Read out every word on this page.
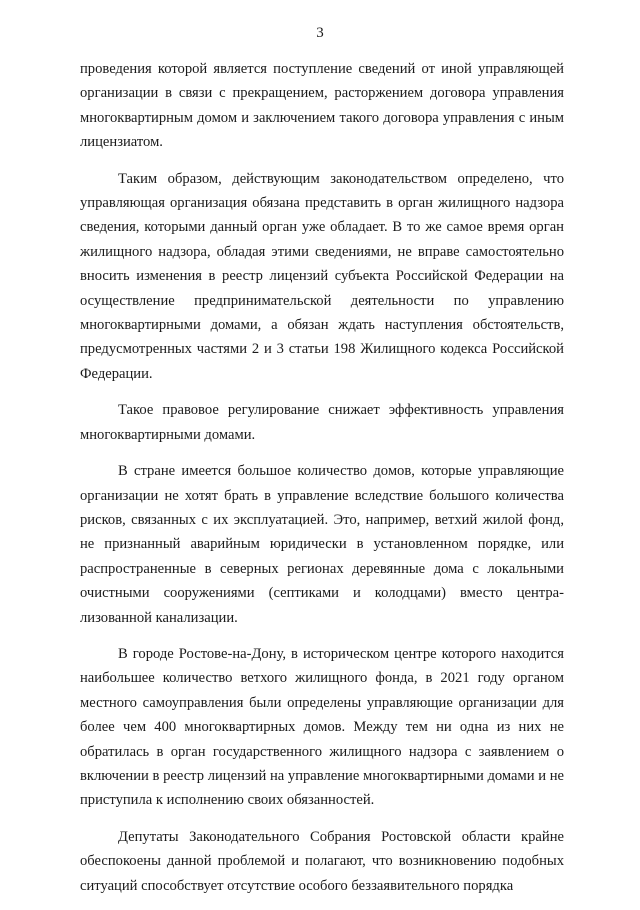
3

проведения которой является поступление сведений от иной управляющей организации в связи с прекращением, расторжением договора управления многоквартирным домом и заключением такого договора управления с иным лицензиатом.

Таким образом, действующим законодательством определено, что управляющая организация обязана представить в орган жилищного надзора сведения, которыми данный орган уже обладает. В то же самое время орган жилищного надзора, обладая этими сведениями, не вправе самостоятельно вносить изменения в реестр лицензий субъекта Российской Федерации на осуществление предпринимательской деятельности по управлению многоквартирными домами, а обязан ждать наступления обстоятельств, предусмотренных частями 2 и 3 статьи 198 Жилищного кодекса Российской Федерации.

Такое правовое регулирование снижает эффективность управления многоквартирными домами.

В стране имеется большое количество домов, которые управляющие организации не хотят брать в управление вследствие большого количества рисков, связанных с их эксплуатацией. Это, например, ветхий жилой фонд, не признанный аварийным юридически в установленном порядке, или распространенные в северных регионах деревянные дома с локальными очистными сооружениями (септиками и колодцами) вместо централизованной канализации.

В городе Ростове-на-Дону, в историческом центре которого находится наибольшее количество ветхого жилищного фонда, в 2021 году органом местного самоуправления были определены управляющие организации для более чем 400 многоквартирных домов. Между тем ни одна из них не обратилась в орган государственного жилищного надзора с заявлением о включении в реестр лицензий на управление многоквартирными домами и не приступила к исполнению своих обязанностей.

Депутаты Законодательного Собрания Ростовской области крайне обеспокоены данной проблемой и полагают, что возникновению подобных ситуаций способствует отсутствие особого беззаявительного порядка
